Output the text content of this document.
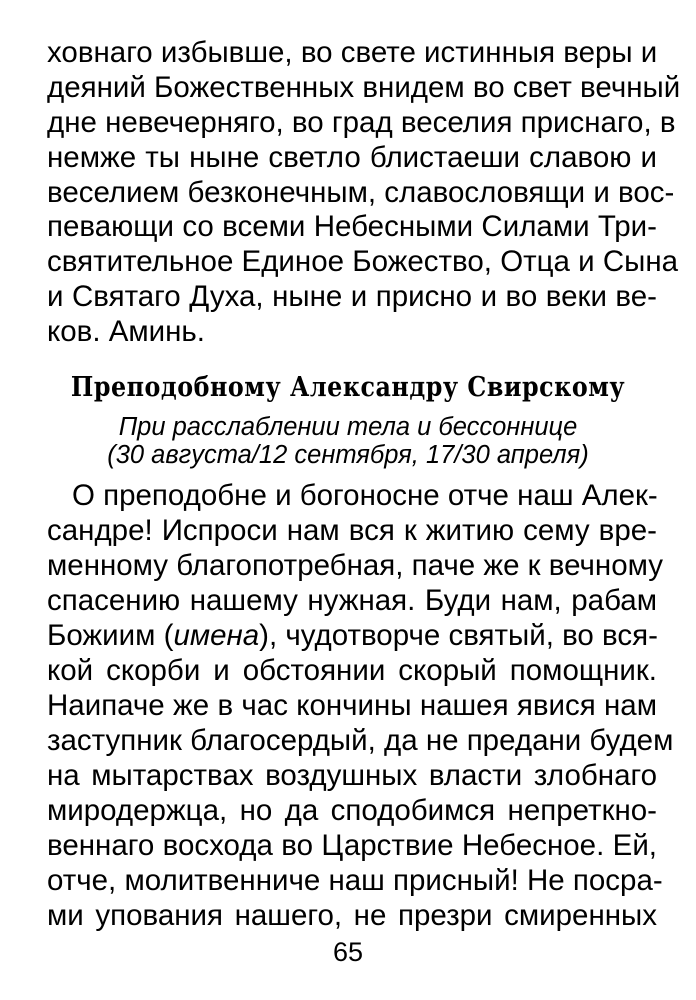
ховнаго избывше, во свете истинныя веры и
деяний Божественных внидем во свет вечный
дне невечерняго, во град веселия приснаго, в
немже ты ныне светло блистаеши славою и
веселием безконечным, славословящи и вос-
певающи со всеми Небесными Силами Три-
святительное Единое Божество, Отца и Сына
и Святаго Духа, ныне и присно и во веки ве-
ков. Аминь.
Преподобному Александру Свирскому
При расслаблении тела и бессоннице
(30 августа/12 сентября, 17/30 апреля)
О преподобне и богоносне отче наш Алек-
сандре! Испроси нам вся к житию сему вре-
менному благопотребная, паче же к вечному
спасению нашему нужная. Буди нам, рабам
Божиим (имена), чудотворче святый, во вся-
кой скорби и обстоянии скорый помощник.
Наипаче же в час кончины нашея явися нам
заступник благосердый, да не предани будем
на мытарствах воздушных власти злобнаго
миродержца, но да сподобимся непреткно-
веннаго восхода во Царствие Небесное. Ей,
отче, молитвенниче наш присный! Не посра-
ми упования нашего, не презри смиренных
65
